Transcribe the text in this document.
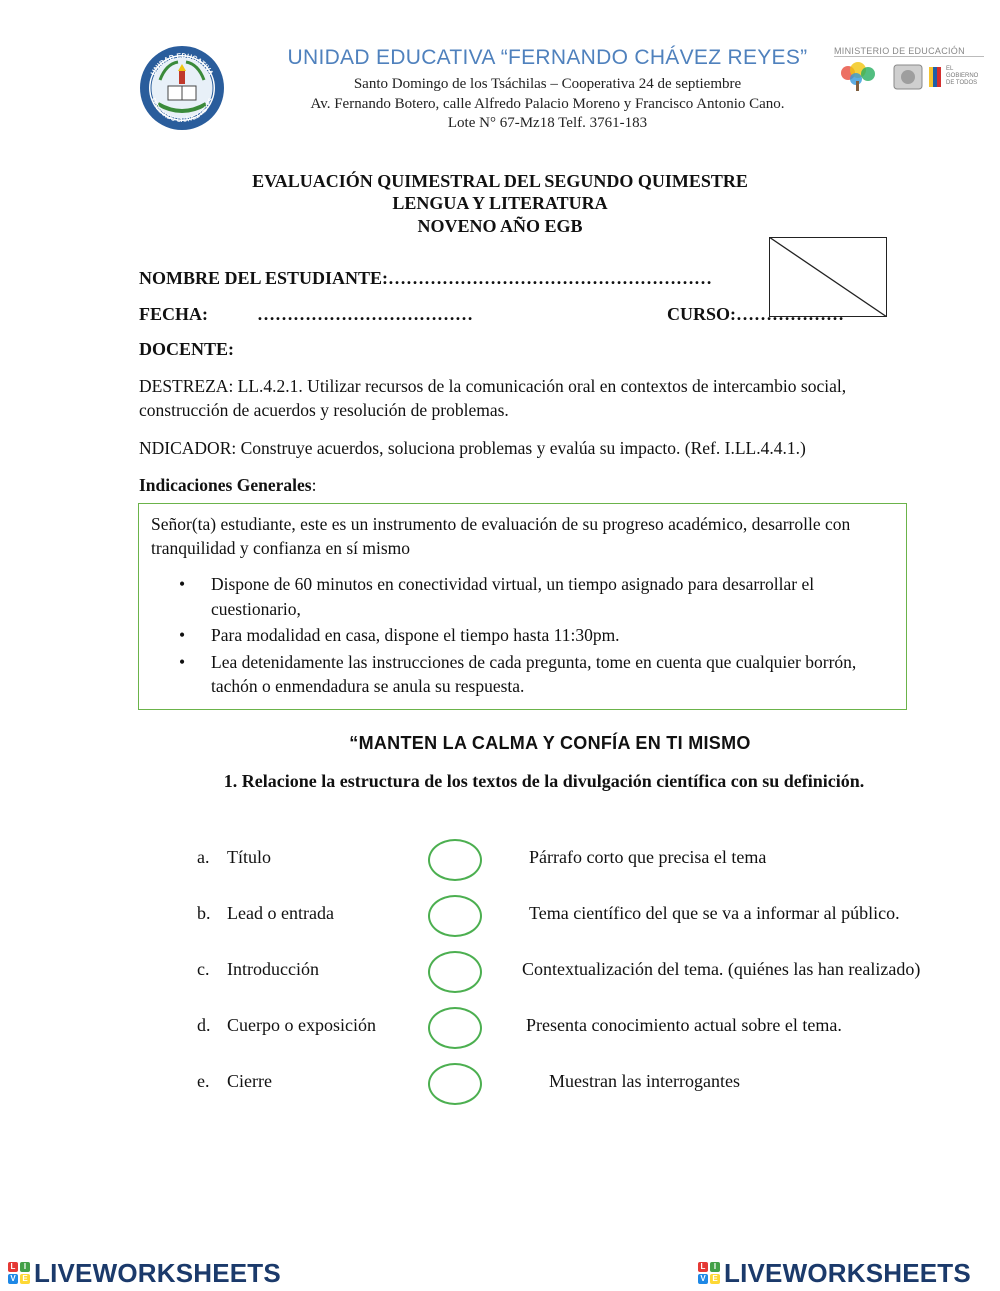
UNIDAD EDUCATIVA
FERNANDO CHÁVEZ REYES
UNIDAD EDUCATIVA “FERNANDO CHÁVEZ REYES”
Santo Domingo de los Tsáchilas – Cooperativa 24 de septiembre
Av. Fernando Botero, calle Alfredo Palacio Moreno y Francisco Antonio Cano.
Lote N° 67-Mz18 Telf. 3761-183
MINISTERIO DE EDUCACIÓN
EL GOBIERNO DE TODOS
EVALUACIÓN QUIMESTRAL DEL SEGUNDO QUIMESTRE
LENGUA Y LITERATURA
NOVENO AÑO EGB
NOMBRE DEL ESTUDIANTE:………………………………………………
FECHA:	………………………………	CURSO:………………
DOCENTE:
DESTREZA: LL.4.2.1. Utilizar recursos de la comunicación oral en contextos de intercambio social, construcción de acuerdos y resolución de problemas.
NDICADOR: Construye acuerdos, soluciona problemas y evalúa su impacto. (Ref. I.LL.4.4.1.)
Indicaciones Generales:
Señor(ta) estudiante, este es un instrumento de evaluación de su progreso académico, desarrolle con tranquilidad y confianza en sí mismo
• Dispone de 60 minutos en conectividad virtual, un tiempo asignado para desarrollar el cuestionario,
• Para modalidad en casa, dispone el tiempo hasta 11:30pm.
• Lea detenidamente las instrucciones de cada pregunta, tome en cuenta que cualquier borrón, tachón o enmendadura se anula su respuesta.
“MANTEN LA CALMA Y CONFÍA EN TI MISMO
1. Relacione la estructura de los textos de la divulgación científica con su definición.
a. Título	Párrafo corto que precisa el tema
b. Lead o entrada	Tema científico del que se va a informar al público.
c. Introducción	Contextualización del tema. (quiénes las han realizado)
d. Cuerpo o exposición	Presenta conocimiento actual sobre el tema.
e. Cierre	Muestran las interrogantes
L	I
V E LIVEWORKSHEETS	L	I
V E LIVEWORKSHEETS
